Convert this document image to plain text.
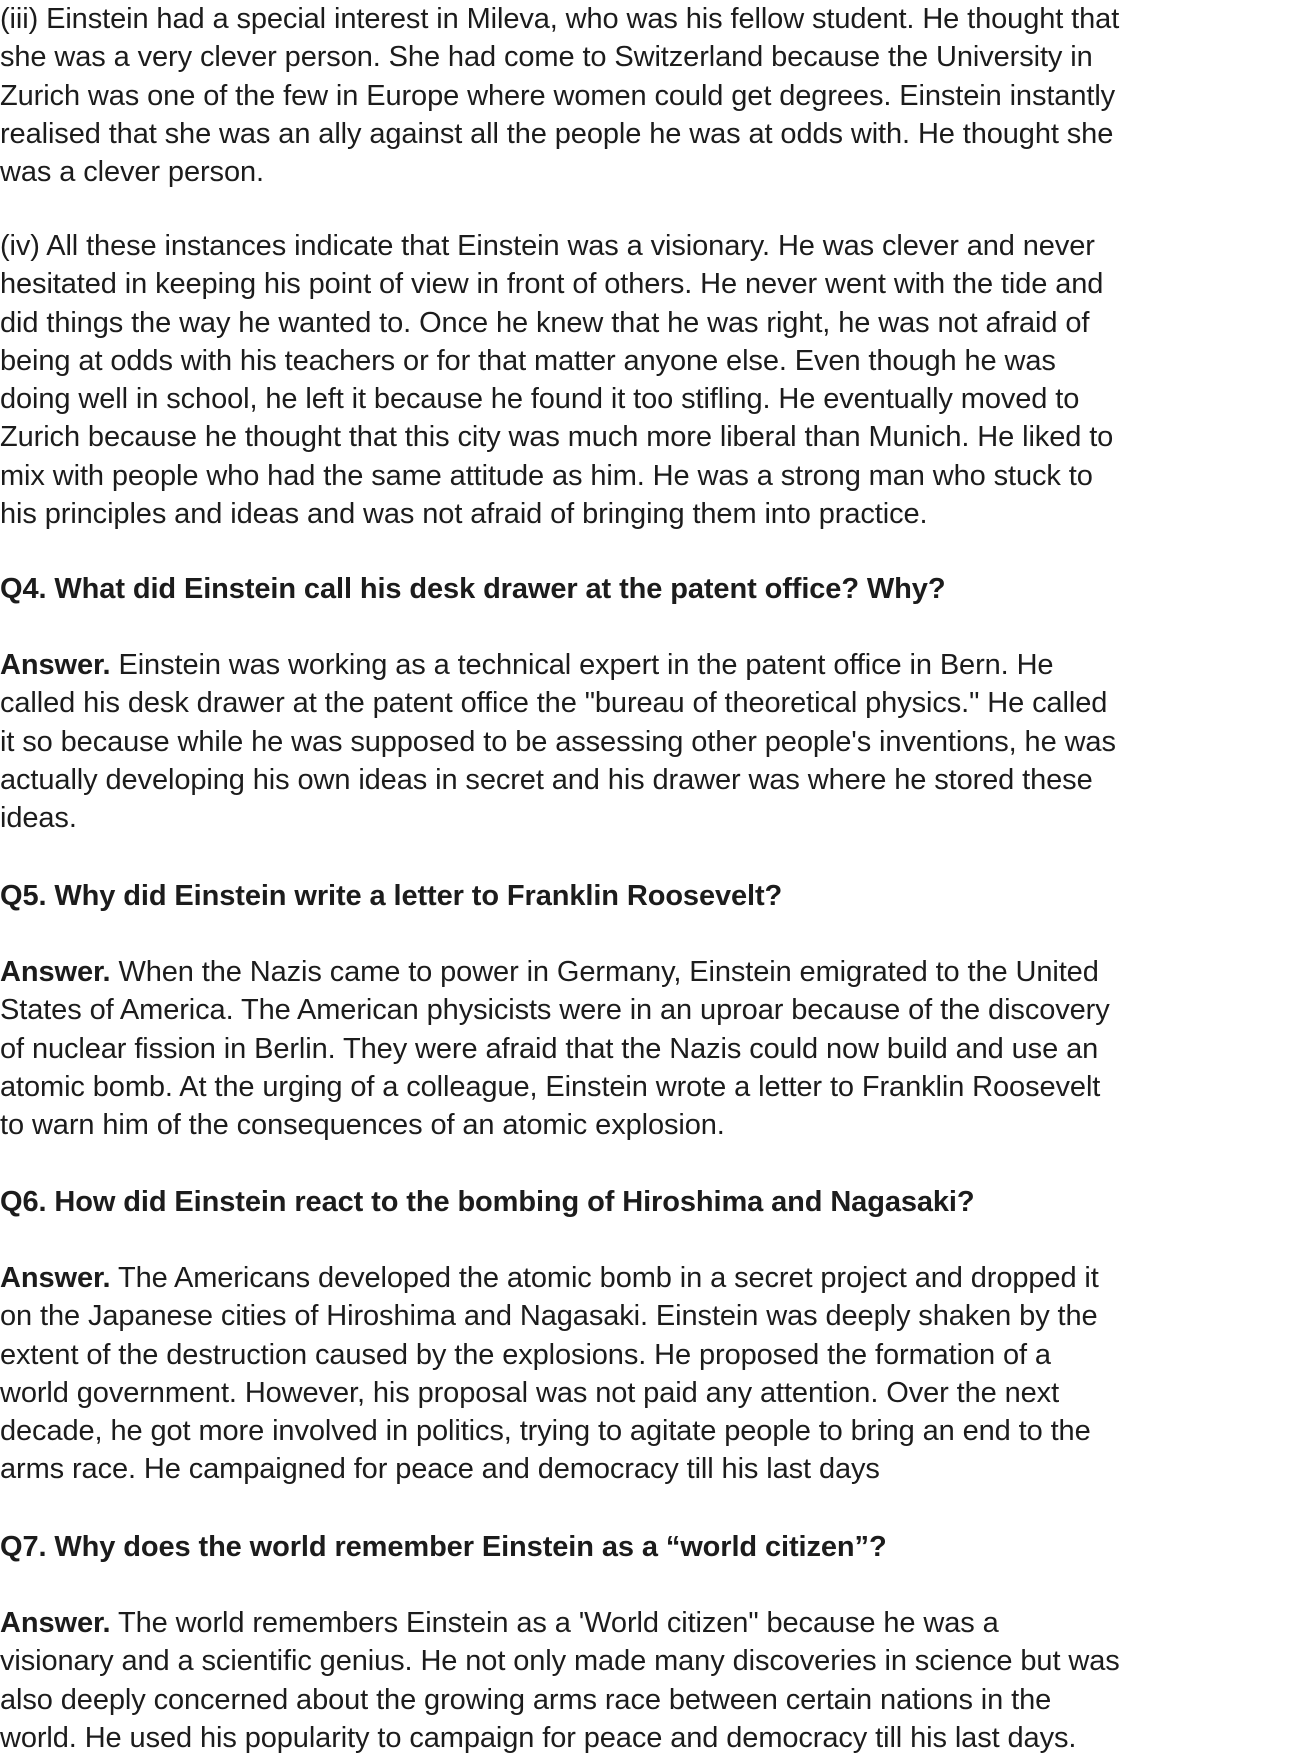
(iii) Einstein had a special interest in Mileva, who was his fellow student. He thought that
she was a very clever person. She had come to Switzerland because the University in
Zurich was one of the few in Europe where women could get degrees. Einstein instantly
realised that she was an ally against all the people he was at odds with. He thought she
was a clever person.

(iv) All these instances indicate that Einstein was a visionary. He was clever and never
hesitated in keeping his point of view in front of others. He never went with the tide and
did things the way he wanted to. Once he knew that he was right, he was not afraid of
being at odds with his teachers or for that matter anyone else. Even though he was
doing well in school, he left it because he found it too stifling. He eventually moved to
Zurich because he thought that this city was much more liberal than Munich. He liked to
mix with people who had the same attitude as him. He was a strong man who stuck to
his principles and ideas and was not afraid of bringing them into practice.

Q4. What did Einstein call his desk drawer at the patent office? Why?

Answer. Einstein was working as a technical expert in the patent office in Bern. He
called his desk drawer at the patent office the "bureau of theoretical physics." He called
it so because while he was supposed to be assessing other people's inventions, he was
actually developing his own ideas in secret and his drawer was where he stored these
ideas.

Q5. Why did Einstein write a letter to Franklin Roosevelt?

Answer. When the Nazis came to power in Germany, Einstein emigrated to the United
States of America. The American physicists were in an uproar because of the discovery
of nuclear fission in Berlin. They were afraid that the Nazis could now build and use an
atomic bomb. At the urging of a colleague, Einstein wrote a letter to Franklin Roosevelt
to warn him of the consequences of an atomic explosion.

Q6. How did Einstein react to the bombing of Hiroshima and Nagasaki?

Answer. The Americans developed the atomic bomb in a secret project and dropped it
on the Japanese cities of Hiroshima and Nagasaki. Einstein was deeply shaken by the
extent of the destruction caused by the explosions. He proposed the formation of a
world government. However, his proposal was not paid any attention. Over the next
decade, he got more involved in politics, trying to agitate people to bring an end to the
arms race. He campaigned for peace and democracy till his last days

Q7. Why does the world remember Einstein as a “world citizen”?

Answer. The world remembers Einstein as a 'World citizen" because he was a
visionary and a scientific genius. He not only made many discoveries in science but was
also deeply concerned about the growing arms race between certain nations in the
world. He used his popularity to campaign for peace and democracy till his last days.
